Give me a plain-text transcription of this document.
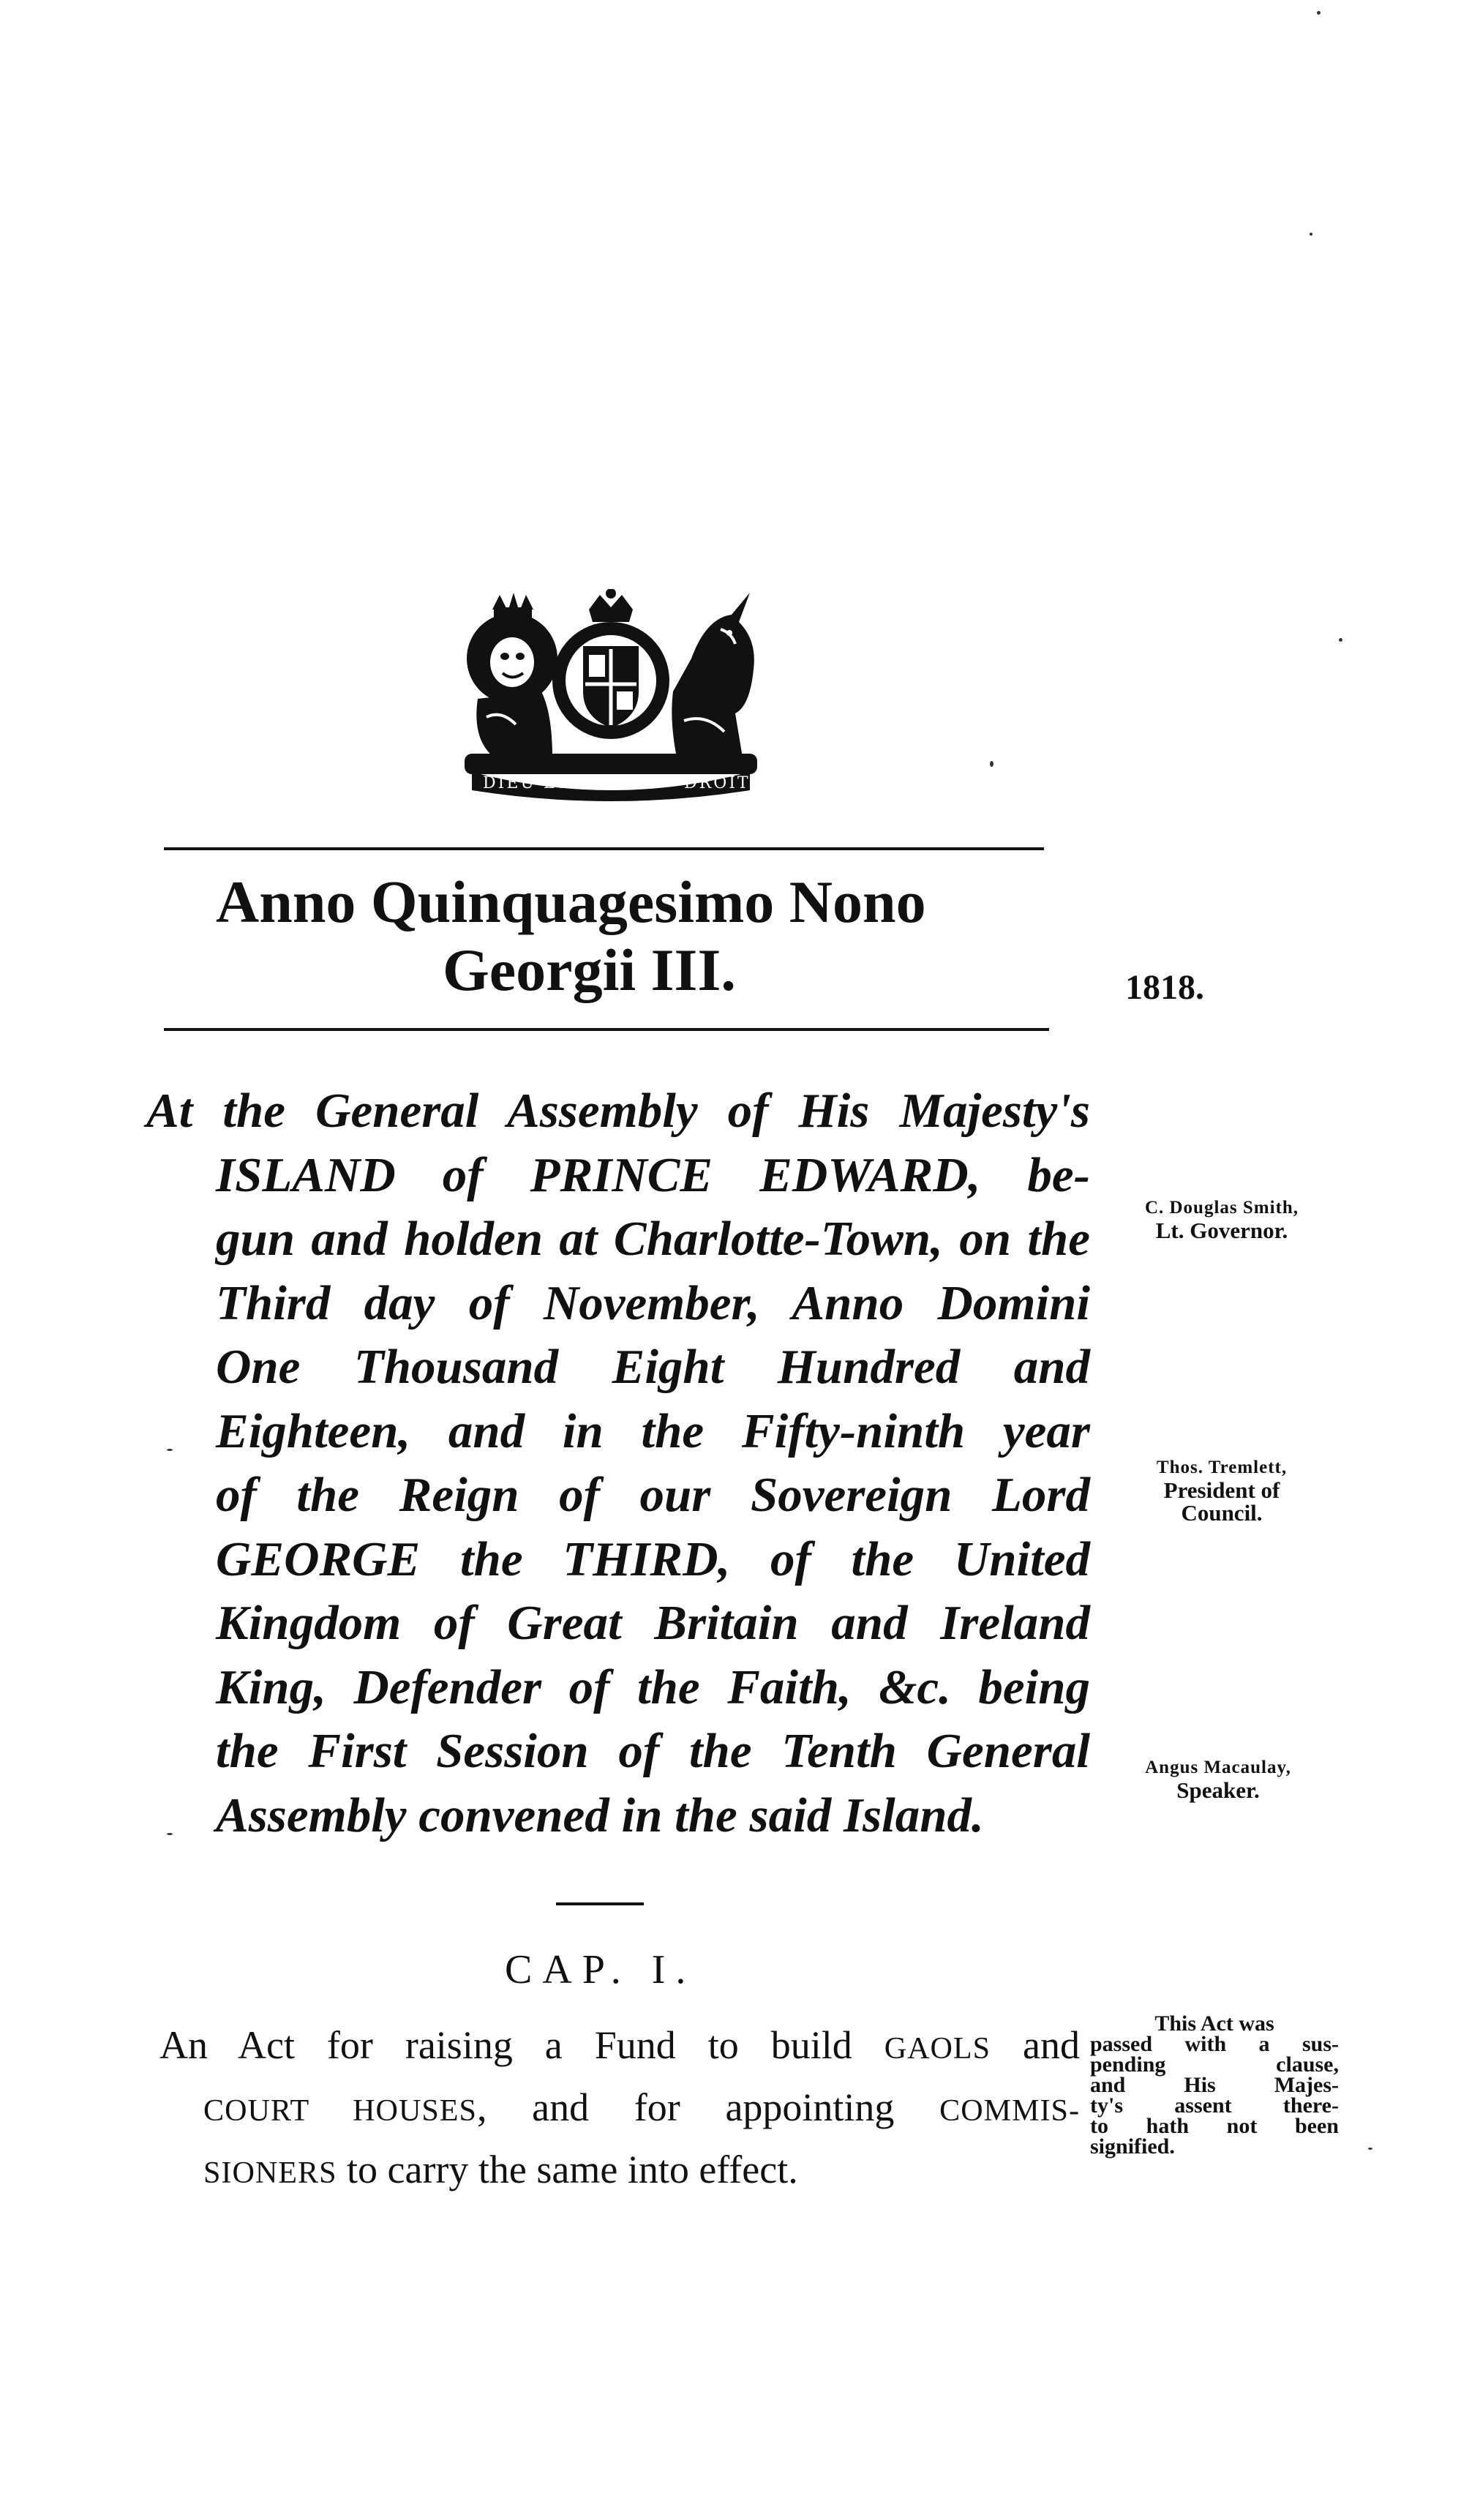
DIEU ET MON	DROIT
Anno Quinquagesimo Nono
Georgii III.	1818.
At the General Assembly of His Majesty's
ISLAND of PRINCE EDWARD, be-
gun and holden at Charlotte-Town, on the
Third day of November, Anno Domini
One Thousand Eight Hundred and
Eighteen, and in the Fifty-ninth year
of the Reign of our Sovereign Lord
GEORGE the THIRD, of the United
Kingdom of Great Britain and Ireland
King, Defender of the Faith, &c. being
the First Session of the Tenth General
Assembly convened in the said Island.
C. Douglas Smith,
Lt. Governor.
Thos. Tremlett,
President of
Council.
Angus Macaulay,
Speaker.
CAP. I.
An Act for raising a Fund to build GAOLS and
COURT HOUSES, and for appointing COMMIS-
SIONERS to carry the same into effect.
This Act was
passed with a sus-
pending clause,
and His Majes-
ty's assent there-
to hath not been
signified.
